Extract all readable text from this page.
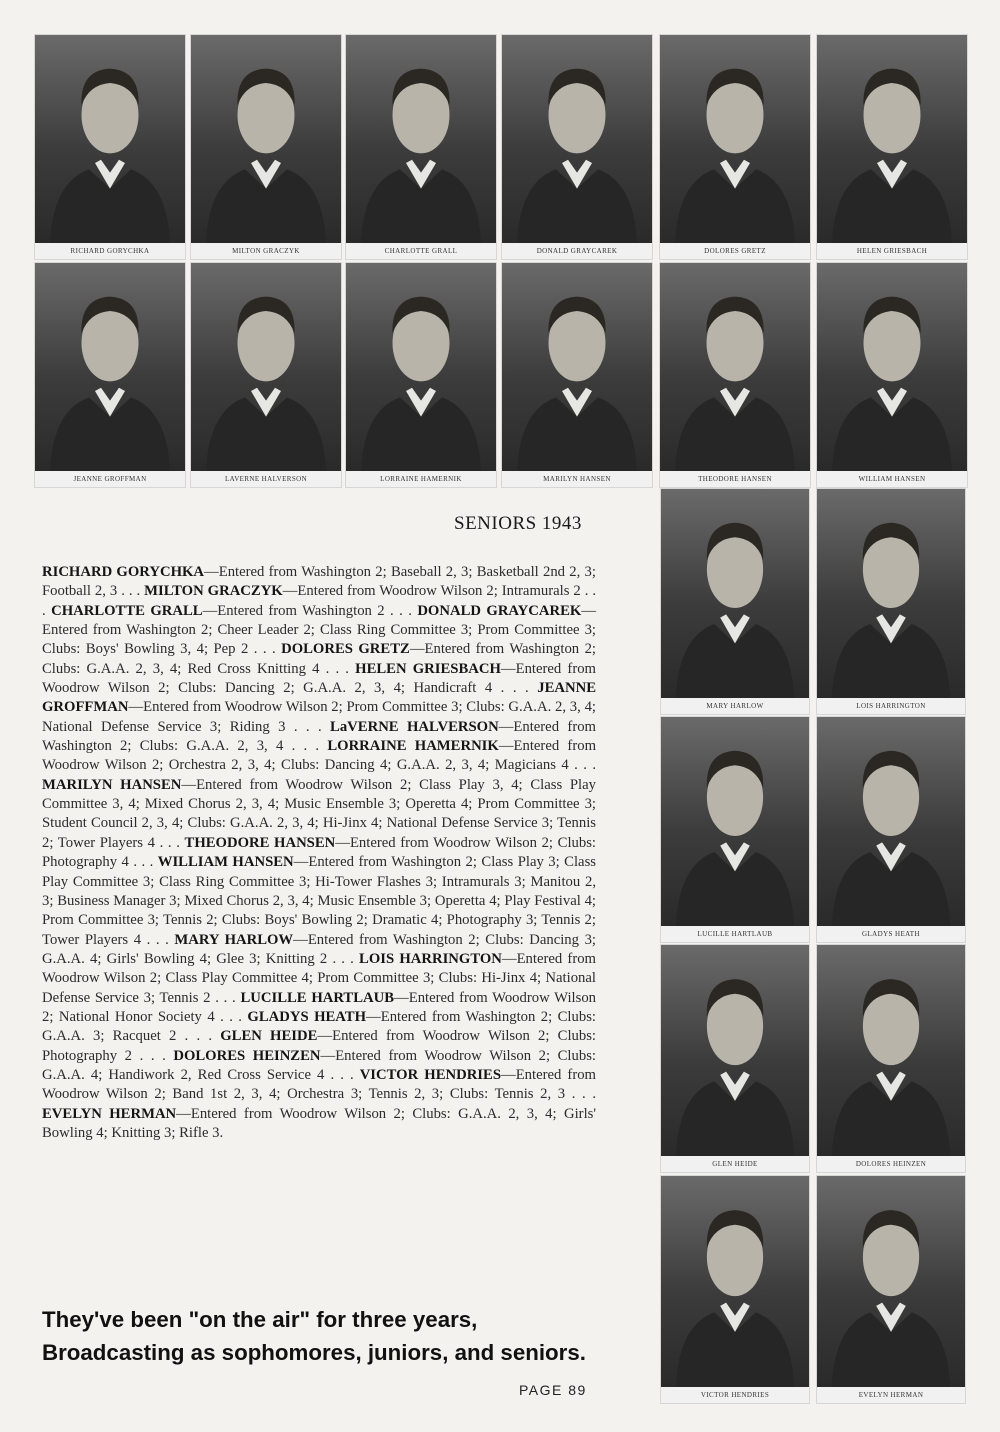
RICHARD GORYCHKA	MILTON GRACZYK	CHARLOTTE GRALL	DONALD GRAYCAREK	DOLORES GRETZ	HELEN GRIESBACH
JEANNE GROFFMAN	LAVERNE HALVERSON	LORRAINE HAMERNIK	MARILYN HANSEN	THEODORE HANSEN	WILLIAM HANSEN
MARY HARLOW	LOIS HARRINGTON
LUCILLE HARTLAUB	GLADYS HEATH
GLEN HEIDE	DOLORES HEINZEN
VICTOR HENDRIES	EVELYN HERMAN
SENIORS 1943
RICHARD GORYCHKA—Entered from Washington 2; Baseball 2, 3; Basketball 2nd 2, 3; Football 2, 3 . . . MILTON GRACZYK—Entered from Woodrow Wilson 2; Intramurals 2 . . . CHARLOTTE GRALL—Entered from Washington 2 . . . DONALD GRAYCAREK—Entered from Washington 2; Cheer Leader 2; Class Ring Committee 3; Prom Committee 3; Clubs: Boys' Bowling 3, 4; Pep 2 . . . DOLORES GRETZ—Entered from Washington 2; Clubs: G.A.A. 2, 3, 4; Red Cross Knitting 4 . . . HELEN GRIESBACH—Entered from Woodrow Wilson 2; Clubs: Dancing 2; G.A.A. 2, 3, 4; Handicraft 4 . . . JEANNE GROFFMAN—Entered from Woodrow Wilson 2; Prom Committee 3; Clubs: G.A.A. 2, 3, 4; National Defense Service 3; Riding 3 . . . LaVERNE HALVERSON—Entered from Washington 2; Clubs: G.A.A. 2, 3, 4 . . . LORRAINE HAMERNIK—Entered from Woodrow Wilson 2; Orchestra 2, 3, 4; Clubs: Dancing 4; G.A.A. 2, 3, 4; Magicians 4 . . . MARILYN HANSEN—Entered from Woodrow Wilson 2; Class Play 3, 4; Class Play Committee 3, 4; Mixed Chorus 2, 3, 4; Music Ensemble 3; Operetta 4; Prom Committee 3; Student Council 2, 3, 4; Clubs: G.A.A. 2, 3, 4; Hi-Jinx 4; National Defense Service 3; Tennis 2; Tower Players 4 . . . THEODORE HANSEN—Entered from Woodrow Wilson 2; Clubs: Photography 4 . . . WILLIAM HANSEN—Entered from Washington 2; Class Play 3; Class Play Committee 3; Class Ring Committee 3; Hi-Tower Flashes 3; Intramurals 3; Manitou 2, 3; Business Manager 3; Mixed Chorus 2, 3, 4; Music Ensemble 3; Operetta 4; Play Festival 4; Prom Committee 3; Tennis 2; Clubs: Boys' Bowling 2; Dramatic 4; Photography 3; Tennis 2; Tower Players 4 . . . MARY HARLOW—Entered from Washington 2; Clubs: Dancing 3; G.A.A. 4; Girls' Bowling 4; Glee 3; Knitting 2 . . . LOIS HARRINGTON—Entered from Woodrow Wilson 2; Class Play Committee 4; Prom Committee 3; Clubs: Hi-Jinx 4; National Defense Service 3; Tennis 2 . . . LUCILLE HARTLAUB—Entered from Woodrow Wilson 2; National Honor Society 4 . . . GLADYS HEATH—Entered from Washington 2; Clubs: G.A.A. 3; Racquet 2 . . . GLEN HEIDE—Entered from Woodrow Wilson 2; Clubs: Photography 2 . . . DOLORES HEINZEN—Entered from Woodrow Wilson 2; Clubs: G.A.A. 4; Handiwork 2, Red Cross Service 4 . . . VICTOR HENDRIES—Entered from Woodrow Wilson 2; Band 1st 2, 3, 4; Orchestra 3; Tennis 2, 3; Clubs: Tennis 2, 3 . . . EVELYN HERMAN—Entered from Woodrow Wilson 2; Clubs: G.A.A. 2, 3, 4; Girls' Bowling 4; Knitting 3; Rifle 3.
They've been "on the air" for three years,
Broadcasting as sophomores, juniors, and seniors.
PAGE 89
